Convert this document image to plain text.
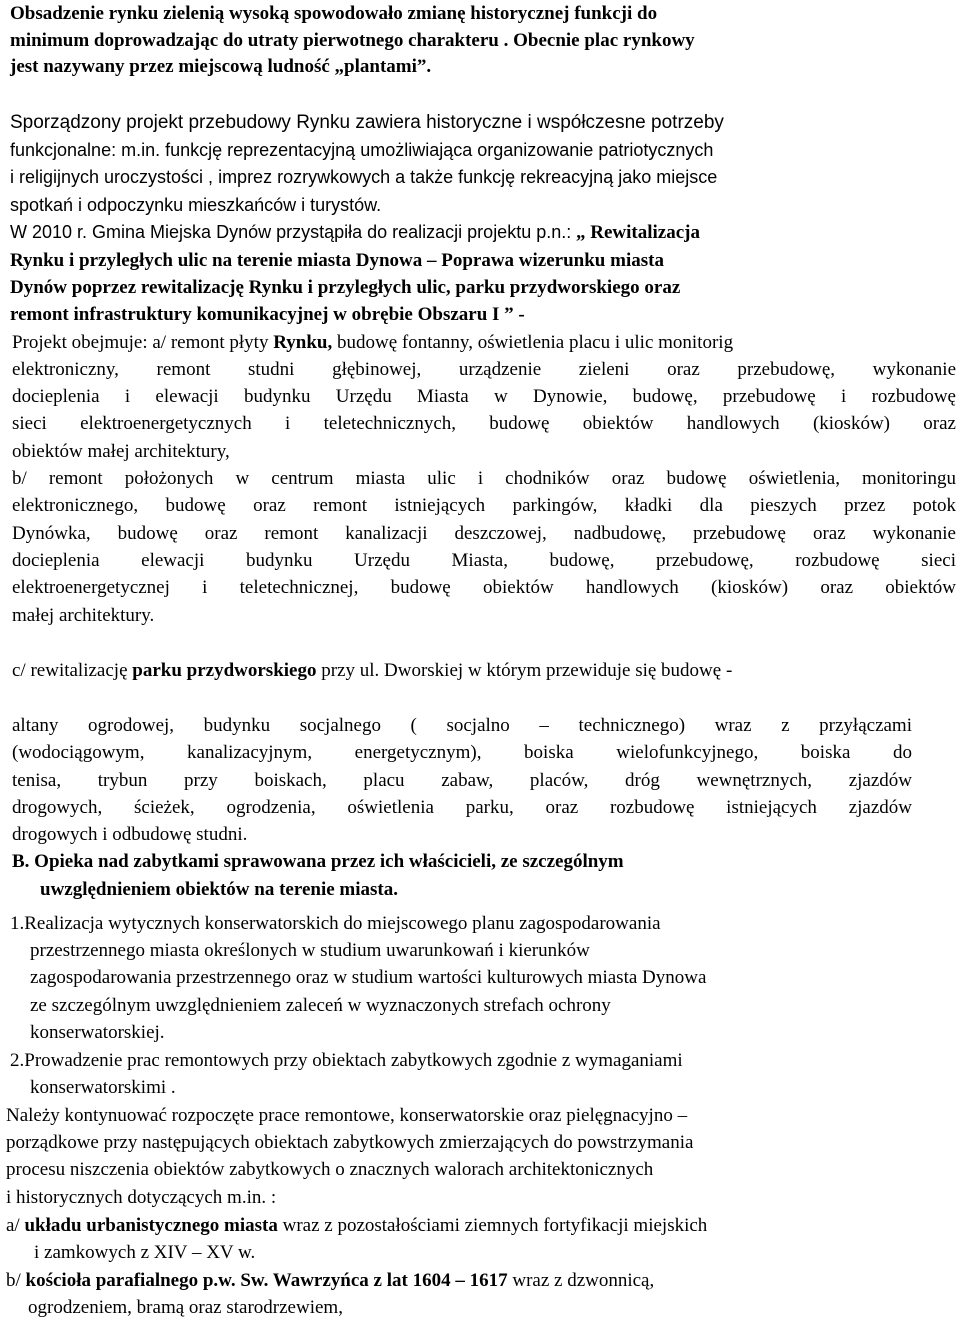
Obsadzenie rynku zielenią wysoką spowodowało zmianę historycznej funkcji do

minimum doprowadzając do utraty pierwotnego charakteru . Obecnie plac rynkowy

jest nazywany przez miejscową ludność „plantami”.

Sporządzony projekt przebudowy Rynku zawiera historyczne i współczesne potrzeby

funkcjonalne: m.in. funkcję reprezentacyjną umożliwiająca organizowanie patriotycznych

i religijnych uroczystości , imprez rozrywkowych a także funkcję rekreacyjną jako miejsce

spotkań i odpoczynku mieszkańców i turystów.

W 2010 r. Gmina Miejska Dynów przystąpiła do realizacji projektu p.n.: „ Rewitalizacja

Rynku i przyległych ulic na terenie miasta Dynowa – Poprawa wizerunku miasta

Dynów poprzez rewitalizację Rynku i przyległych ulic, parku przydworskiego oraz

remont infrastruktury komunikacyjnej w obrębie Obszaru I ” -

Projekt obejmuje: a/ remont płyty Rynku, budowę fontanny, oświetlenia placu i ulic monitorig

elektroniczny, remont studni głębinowej, urządzenie zieleni oraz przebudowę, wykonanie

docieplenia i elewacji budynku Urzędu Miasta w Dynowie, budowę, przebudowę i rozbudowę

sieci elektroenergetycznych i teletechnicznych, budowę obiektów handlowych (kiosków) oraz

obiektów małej architektury,

b/ remont położonych w centrum miasta ulic i chodników oraz budowę oświetlenia, monitoringu

elektronicznego, budowę oraz remont istniejących parkingów, kładki dla pieszych przez potok

Dynówka, budowę oraz remont kanalizacji deszczowej, nadbudowę, przebudowę oraz wykonanie

docieplenia elewacji budynku Urzędu Miasta, budowę, przebudowę, rozbudowę sieci

elektroenergetycznej i teletechnicznej, budowę obiektów handlowych (kiosków) oraz obiektów

małej architektury.

c/ rewitalizację parku przydworskiego przy ul. Dworskiej w którym przewiduje się budowę -

altany ogrodowej, budynku socjalnego ( socjalno – technicznego) wraz z przyłączami

(wodociągowym, kanalizacyjnym, energetycznym), boiska wielofunkcyjnego, boiska do

tenisa, trybun przy boiskach, placu zabaw, placów, dróg wewnętrznych, zjazdów

drogowych, ścieżek, ogrodzenia, oświetlenia parku, oraz rozbudowę istniejących zjazdów

drogowych i odbudowę studni.

B. Opieka nad zabytkami sprawowana przez ich właścicieli, ze szczególnym

uwzględnieniem obiektów na terenie miasta.

1.Realizacja wytycznych konserwatorskich do miejscowego planu zagospodarowania

przestrzennego miasta określonych w studium uwarunkowań i kierunków

zagospodarowania przestrzennego oraz w studium wartości kulturowych miasta Dynowa

ze szczególnym uwzględnieniem zaleceń w wyznaczonych strefach ochrony

konserwatorskiej.

2.Prowadzenie prac remontowych przy obiektach zabytkowych zgodnie z wymaganiami

konserwatorskimi .

Należy kontynuować rozpoczęte prace remontowe, konserwatorskie oraz pielęgnacyjno –

porządkowe przy następujących obiektach zabytkowych zmierzających do powstrzymania

procesu niszczenia obiektów zabytkowych o znacznych walorach architektonicznych

i historycznych dotyczących m.in. :

a/ układu urbanistycznego miasta wraz z pozostałościami ziemnych fortyfikacji miejskich

i zamkowych z XIV – XV w.

b/ kościoła parafialnego p.w. Sw. Wawrzyńca z lat 1604 – 1617 wraz z dzwonnicą,

ogrodzeniem, bramą oraz starodrzewiem,
